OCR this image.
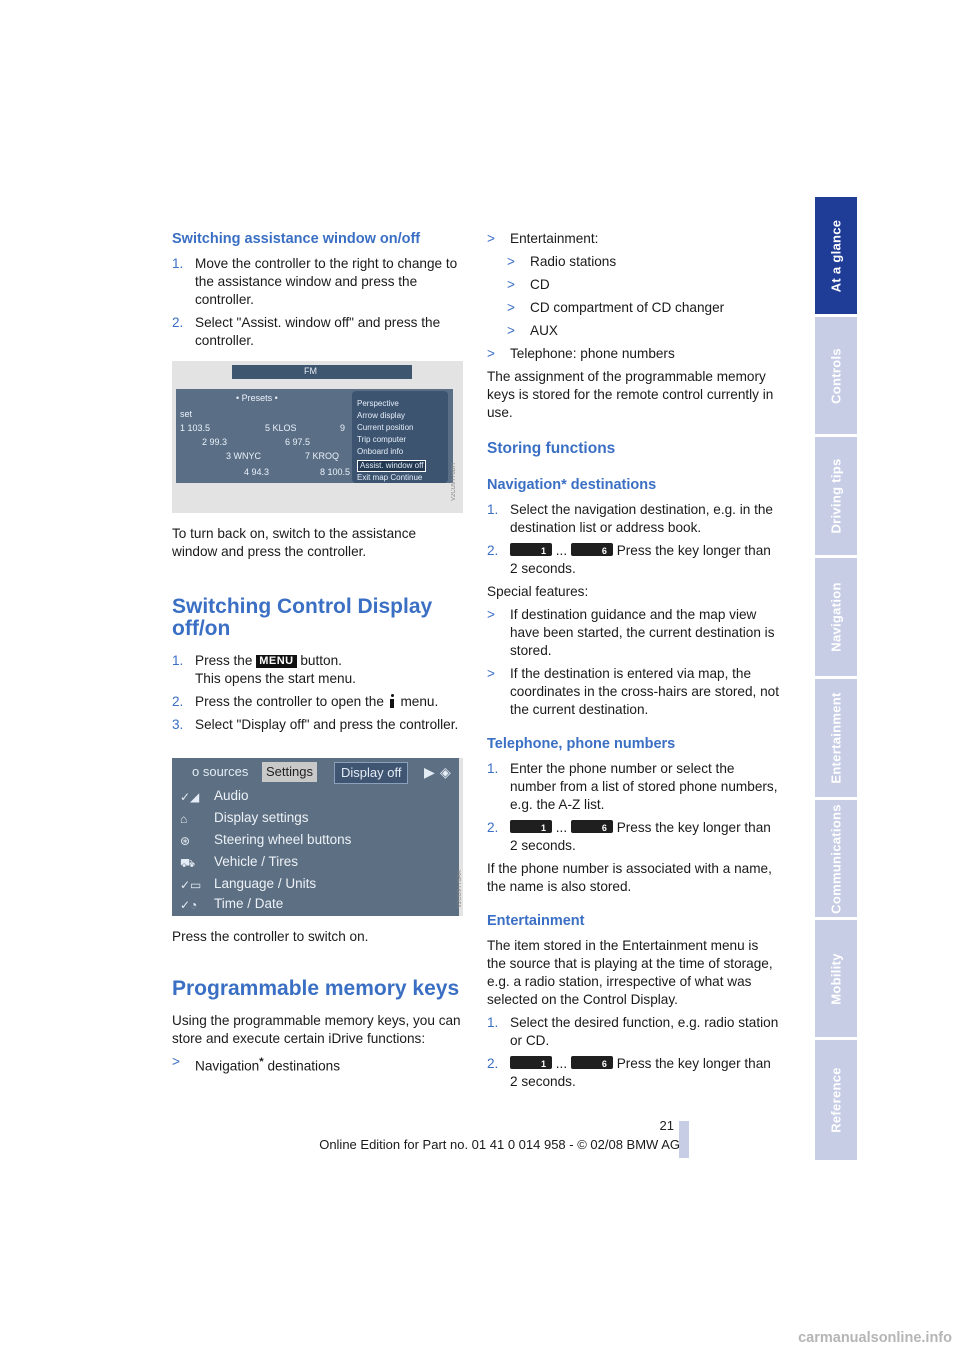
Switching assistance window on/off
1. Move the controller to the right to change to the assistance window and press the controller.
2. Select "Assist. window off" and press the controller.
• Presets •
set
1 103.5	5 KLOS	9
2 99.3	6 97.5
3 WNYC	7 KROQ
4 94.3	8 100.5
FM
Perspective
Arrow display
Current position
Trip computer
Onboard info
Assist. window off
Exit map Continue	V2CU9T76BH

To turn back on, switch to the assistance window and press the controller.

Switching Control Display off/on
1. Press the MENU button.
This opens the start menu.
2. Press the controller to open the menu.
3. Select "Display off" and press the controller.
o sources	Settings	Display off	▶ ◈
✓◢	Audio
⌂	Display settings
⊛	Steering wheel buttons
⛟	Vehicle / Tires
✓▭ Language / Units
✓◔	Time / Date	V2CU9T76AA

Press the controller to switch on.

Programmable memory keys

Using the programmable memory keys, you can store and execute certain iDrive functions:

> Navigation* destinations
> Entertainment:
> Radio stations
> CD
> CD compartment of CD changer
> AUX
> Telephone: phone numbers

The assignment of the programmable memory keys is stored for the remote control currently in use.

Storing functions
Navigation* destinations
1. Select the navigation destination, e.g. in the destination list or address book.
2.	1 ...	6 Press the key longer than 2 seconds.

Special features:

> If destination guidance and the map view have been started, the current destination is stored.
> If the destination is entered via map, the coordinates in the cross-hairs are stored, not the current destination.
Telephone, phone numbers
1. Enter the phone number or select the number from a list of stored phone numbers, e.g. the A-Z list.
2.	1 ...	6 Press the key longer than 2 seconds.

If the phone number is associated with a name, the name is also stored.

Entertainment

The item stored in the Entertainment menu is the source that is playing at the time of storage, e.g. a radio station, irrespective of what was selected on the Control Display.

1. Select the desired function, e.g. radio station or CD.
2.	1 ...	6 Press the key longer than 2 seconds.
At a glance
Controls
Driving tips
Navigation
Entertainment
Communications
Mobility
Reference
21
Online Edition for Part no. 01 41 0 014 958 - © 02/08 BMW AG
carmanualsonline.info
